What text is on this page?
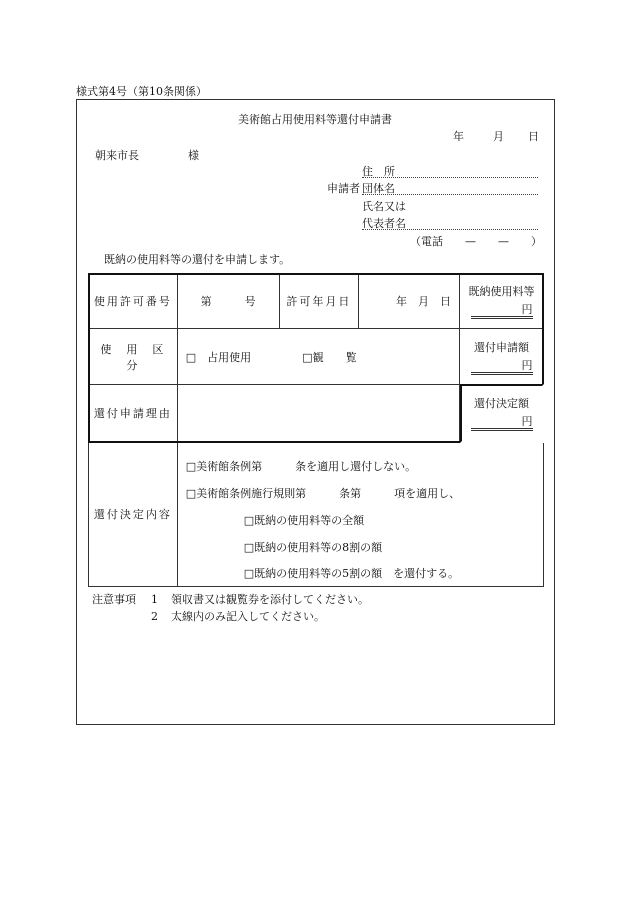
様式第4号（第10条関係）
美術館占用使用料等還付申請書
年	月 日
朝来市長	様
住　所
申請者 団体名
氏名又は
代表者名
（電話　　—　　—　　）
既納の使用料等の還付を申請します。
使用許可番号	第　　　号	許可年月日	年　月　日	既納使用料等
円

使　用　区　分	□　占用使用 □観　　覧			還付申請額
円

還付申請理由				還付決定額
円

還付決定内容	□美術館条例第　　　条を適用し還付しない。
□美術館条例施行規則第　　　条第　　　項を適用し、
□既納の使用料等の全額
□既納の使用料等の8割の額
□既納の使用料等の5割の額　を還付する。			
注意事項 1 領収書又は観覧券を添付してください。
2 太線内のみ記入してください。
